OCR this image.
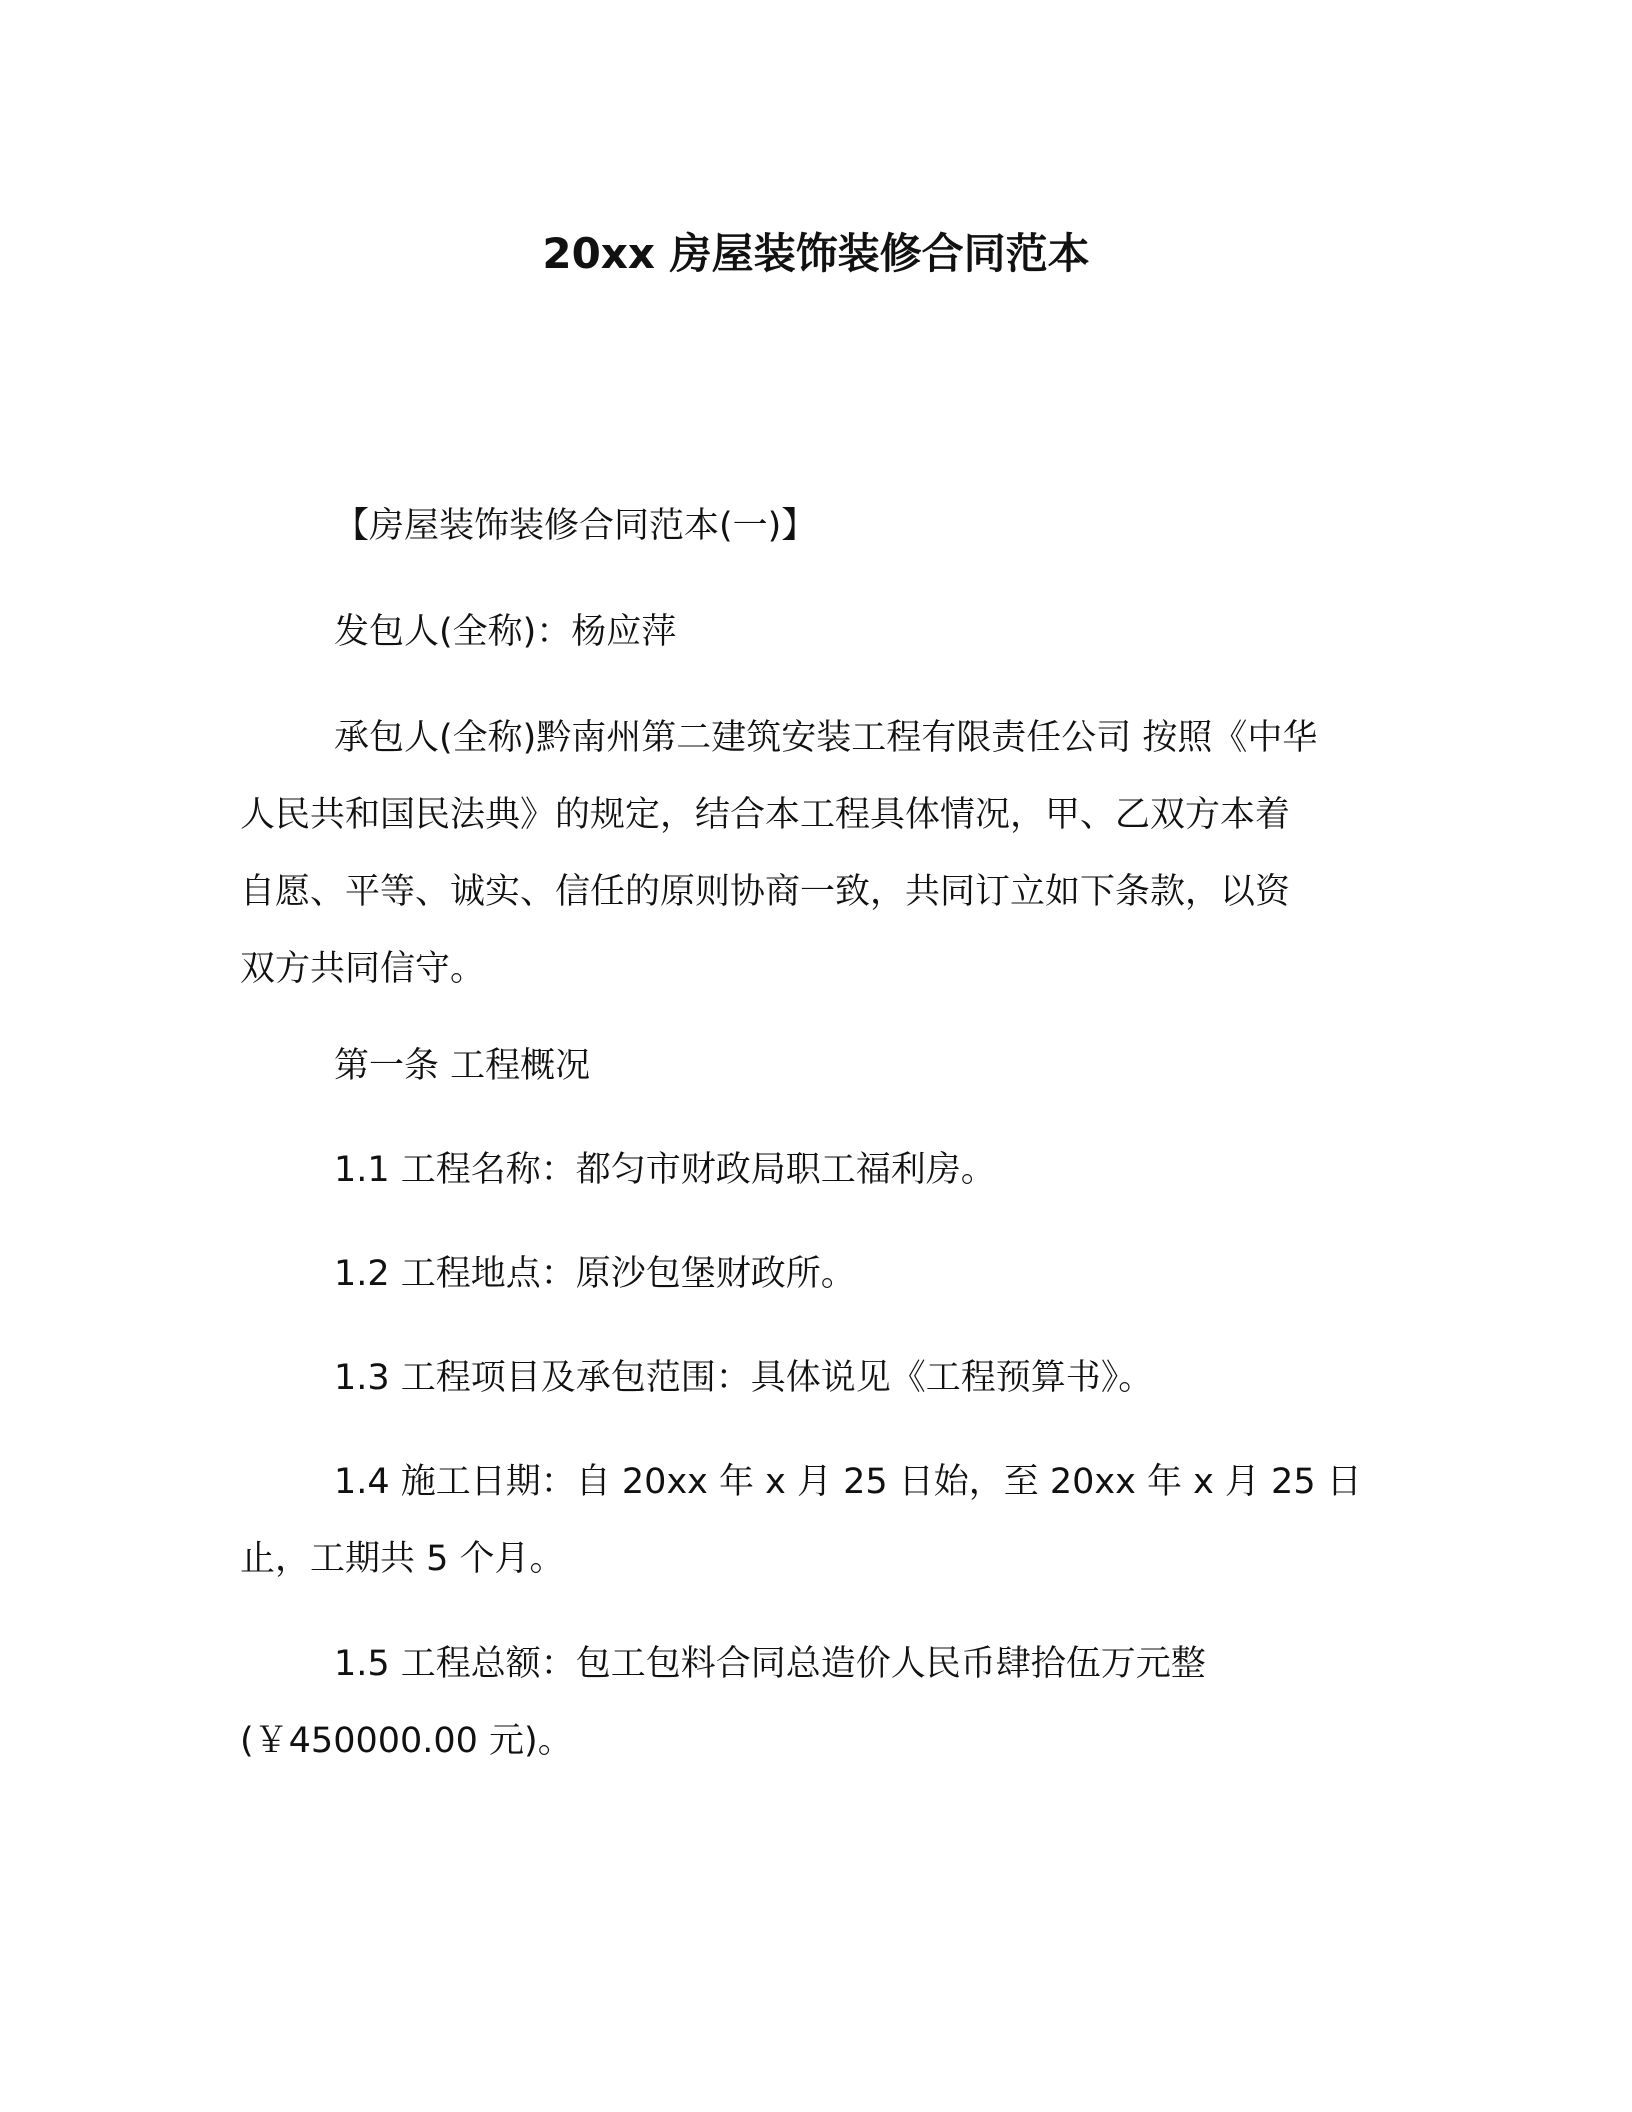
20xx 房屋装饰装修合同范本
【房屋装饰装修合同范本(一)】
发包人(全称)：杨应萍
承包人(全称)黔南州第二建筑安装工程有限责任公司 按照《中华
人民共和国民法典》的规定，结合本工程具体情况，甲、乙双方本着
自愿、平等、诚实、信任的原则协商一致，共同订立如下条款，以资
双方共同信守。
第一条 工程概况
1.1 工程名称：都匀市财政局职工福利房。
1.2 工程地点：原沙包堡财政所。
1.3 工程项目及承包范围：具体说见《工程预算书》。
1.4 施工日期：自 20xx 年 x 月 25 日始，至 20xx 年 x 月 25 日
止，工期共 5 个月。
1.5 工程总额：包工包料合同总造价人民币肆拾伍万元整
(￥450000.00 元)。
